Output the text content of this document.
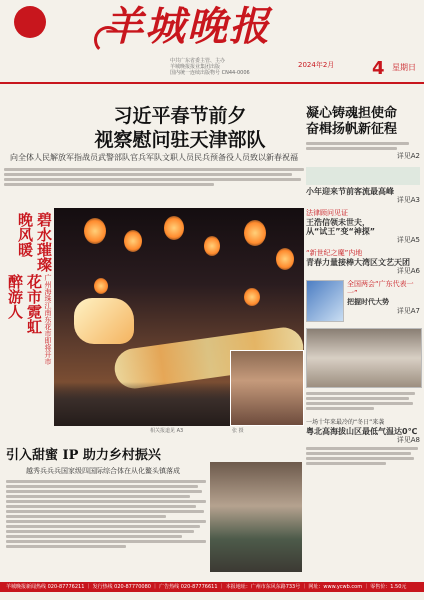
羊城晚报
中共广东省委主管、主办
羊城晚报报业集团出版
国内统一连续出版物号 CN44-0006
2024年2月	4 星期日
习近平春节前夕
视察慰问驻天津部队
向全体人民解放军指战员武警部队官兵军队文职人员民兵预备役人员致以新春祝福
碧水璀璨
晚风暖
广州海珠江南东花市即将开市
花市霓虹
醉游人
张 摄
相关报道见 A3
引入甜蜜 IP 助力乡村振兴
越秀兵兵兵国家级四国际综合体在从化鳌头镇落成
凝心铸魂担使命
奋楫扬帆新征程
详见A2
小年迎来节前客流最高峰
详见A3
法律顾问见证
王浩信领未世夫，
从“试王”变“神探”
详见A5
“新世纪之魔”内地
青春力量接棒大湾区文艺天团
详见A6
全国两会“广东代表一一”
把握时代大势
详见A7
一场十年来最冷的“冬日”来袭
粤北高海拔山区最低气温达0℃
详见A8
羊城晚报新闻热线 020-87776211 ｜ 发行热线 020-87770080 ｜ 广告热线 020-87776611 ｜ 本报地址：广州市东风东路733号 ｜ 网址：www.ycwb.com ｜ 零售价：1.50元
